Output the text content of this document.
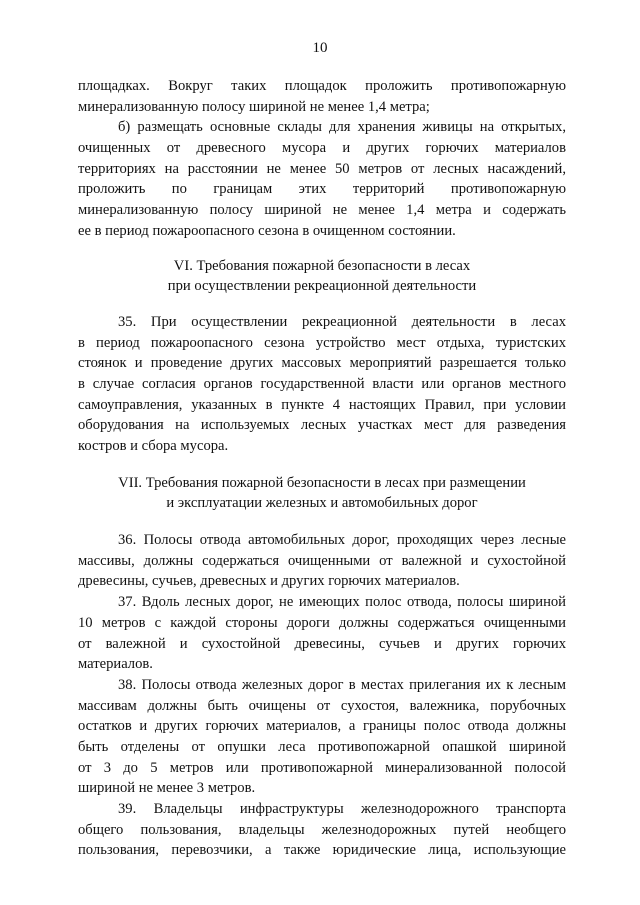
10
площадках. Вокруг таких площадок проложить противопожарную
минерализованную полосу шириной не менее 1,4 метра;
б) размещать основные склады для хранения живицы на открытых,
очищенных от древесного мусора и других горючих материалов
территориях на расстоянии не менее 50 метров от лесных насаждений,
проложить по границам этих территорий противопожарную
минерализованную полосу шириной не менее 1,4 метра и содержать
ее в период пожароопасного сезона в очищенном состоянии.
VI. Требования пожарной безопасности в лесах
при осуществлении рекреационной деятельности
35. При осуществлении рекреационной деятельности в лесах
в период пожароопасного сезона устройство мест отдыха, туристских
стоянок и проведение других массовых мероприятий разрешается только
в случае согласия органов государственной власти или органов местного
самоуправления, указанных в пункте 4 настоящих Правил, при условии
оборудования на используемых лесных участках мест для разведения
костров и сбора мусора.
VII. Требования пожарной безопасности в лесах при размещении
и эксплуатации железных и автомобильных дорог
36. Полосы отвода автомобильных дорог, проходящих через лесные
массивы, должны содержаться очищенными от валежной и сухостойной
древесины, сучьев, древесных и других горючих материалов.
37. Вдоль лесных дорог, не имеющих полос отвода, полосы шириной
10 метров с каждой стороны дороги должны содержаться очищенными
от валежной и сухостойной древесины, сучьев и других горючих
материалов.
38. Полосы отвода железных дорог в местах прилегания их к лесным
массивам должны быть очищены от сухостоя, валежника, порубочных
остатков и других горючих материалов, а границы полос отвода должны
быть отделены от опушки леса противопожарной опашкой шириной
от 3 до 5 метров или противопожарной минерализованной полосой
шириной не менее 3 метров.
39. Владельцы инфраструктуры железнодорожного транспорта
общего пользования, владельцы железнодорожных путей необщего
пользования, перевозчики, а также юридические лица, использующие
